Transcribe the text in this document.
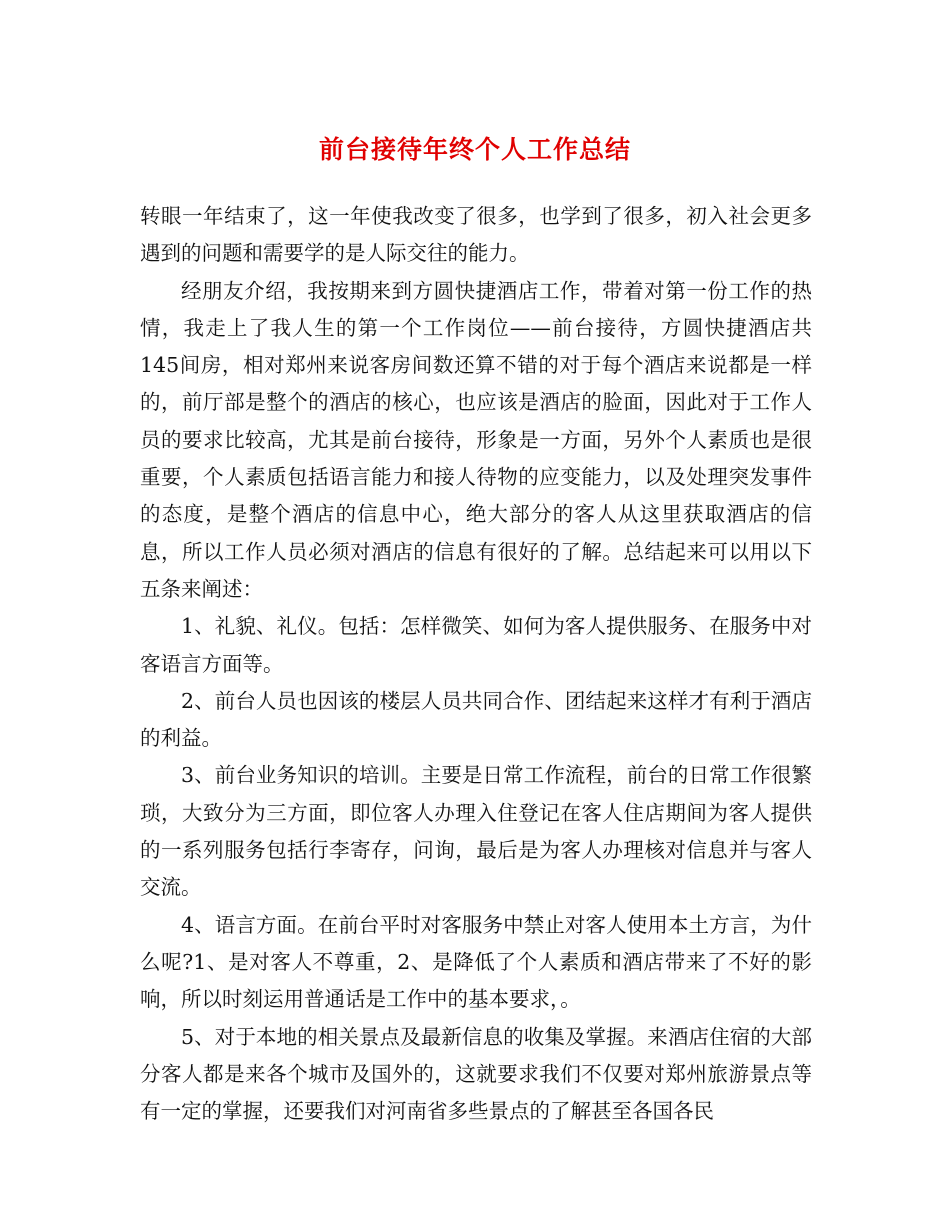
前台接待年终个人工作总结

转眼一年结束了，这一年使我改变了很多，也学到了很多，初入社会更多遇到的问题和需要学的是人际交往的能力。

经朋友介绍，我按期来到方圆快捷酒店工作，带着对第一份工作的热情，我走上了我人生的第一个工作岗位——前台接待，方圆快捷酒店共145间房，相对郑州来说客房间数还算不错的对于每个酒店来说都是一样的，前厅部是整个的酒店的核心，也应该是酒店的脸面，因此对于工作人员的要求比较高，尤其是前台接待，形象是一方面，另外个人素质也是很重要，个人素质包括语言能力和接人待物的应变能力，以及处理突发事件的态度，是整个酒店的信息中心，绝大部分的客人从这里获取酒店的信息，所以工作人员必须对酒店的信息有很好的了解。总结起来可以用以下五条来阐述：

1、礼貌、礼仪。包括：怎样微笑、如何为客人提供服务、在服务中对客语言方面等。

2、前台人员也因该的楼层人员共同合作、团结起来这样才有利于酒店的利益。

3、前台业务知识的培训。主要是日常工作流程，前台的日常工作很繁琐，大致分为三方面，即位客人办理入住登记在客人住店期间为客人提供的一系列服务包括行李寄存，问询，最后是为客人办理核对信息并与客人交流。

4、语言方面。在前台平时对客服务中禁止对客人使用本土方言，为什么呢?1、是对客人不尊重，2、是降低了个人素质和酒店带来了不好的影响，所以时刻运用普通话是工作中的基本要求，。

5、对于本地的相关景点及最新信息的收集及掌握。来酒店住宿的大部分客人都是来各个城市及国外的，这就要求我们不仅要对郑州旅游景点等有一定的掌握，还要我们对河南省多些景点的了解甚至各国各民
